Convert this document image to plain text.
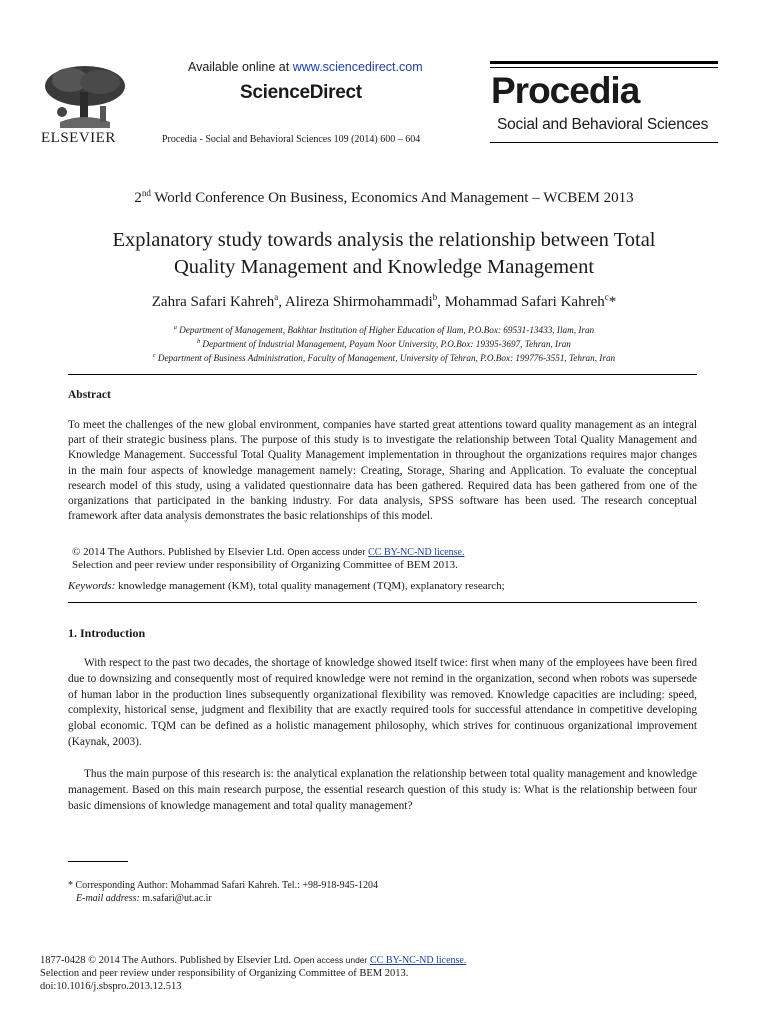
ELSEVIER
Available online at www.sciencedirect.com
ScienceDirect
Procedia - Social and Behavioral Sciences 109 (2014) 600 – 604
Procedia
Social and Behavioral Sciences
2nd World Conference On Business, Economics And Management – WCBEM 2013
Explanatory study towards analysis the relationship between Total
Quality Management and Knowledge Management
Zahra Safari Kahreh$^a$, Alireza Shirmohammadi$^b$, Mohammad Safari Kahreh$^c$*
$^a$ Department of Management, Bakhtar Institution of Higher Education of Ilam, P.O.Box: 69531-13433, Ilam, Iran
$^b$ Department of Industrial Management, Payam Noor University, P.O.Box: 19395-3697, Tehran, Iran
$^c$ Department of Business Administration, Faculty of Management, University of Tehran, P.O.Box: 199776-3551, Tehran, Iran
Abstract
To meet the challenges of the new global environment, companies have started great attentions toward quality management as an integral part of their strategic business plans. The purpose of this study is to investigate the relationship between Total Quality Management and Knowledge Management. Successful Total Quality Management implementation in throughout the organizations requires major changes in the main four aspects of knowledge management namely: Creating, Storage, Sharing and Application. To evaluate the conceptual research model of this study, using a validated questionnaire data has been gathered. Required data has been gathered from one of the organizations that participated in the banking industry. For data analysis, SPSS software has been used. The research conceptual framework after data analysis demonstrates the basic relationships of this model.
© 2014 The Authors. Published by Elsevier Ltd. Open access under CC BY-NC-ND license.
Selection and peer review under responsibility of Organizing Committee of BEM 2013.
Keywords: knowledge management (KM), total quality management (TQM), explanatory research;
1. Introduction
With respect to the past two decades, the shortage of knowledge showed itself twice: first when many of the employees have been fired due to downsizing and consequently most of required knowledge were not remind in the organization, second when robots was supersede of human labor in the production lines subsequently organizational flexibility was removed. Knowledge capacities are including: speed, complexity, historical sense, judgment and flexibility that are exactly required tools for successful attendance in competitive developing global economic. TQM can be defined as a holistic management philosophy, which strives for continuous organizational improvement (Kaynak, 2003).
Thus the main purpose of this research is: the analytical explanation the relationship between total quality management and knowledge management. Based on this main research purpose, the essential research question of this study is: What is the relationship between four basic dimensions of knowledge management and total quality management?
* Corresponding Author: Mohammad Safari Kahreh. Tel.: +98-918-945-1204
E-mail address: m.safari@ut.ac.ir
1877-0428 © 2014 The Authors. Published by Elsevier Ltd. Open access under CC BY-NC-ND license.
Selection and peer review under responsibility of Organizing Committee of BEM 2013.
doi:10.1016/j.sbspro.2013.12.513
